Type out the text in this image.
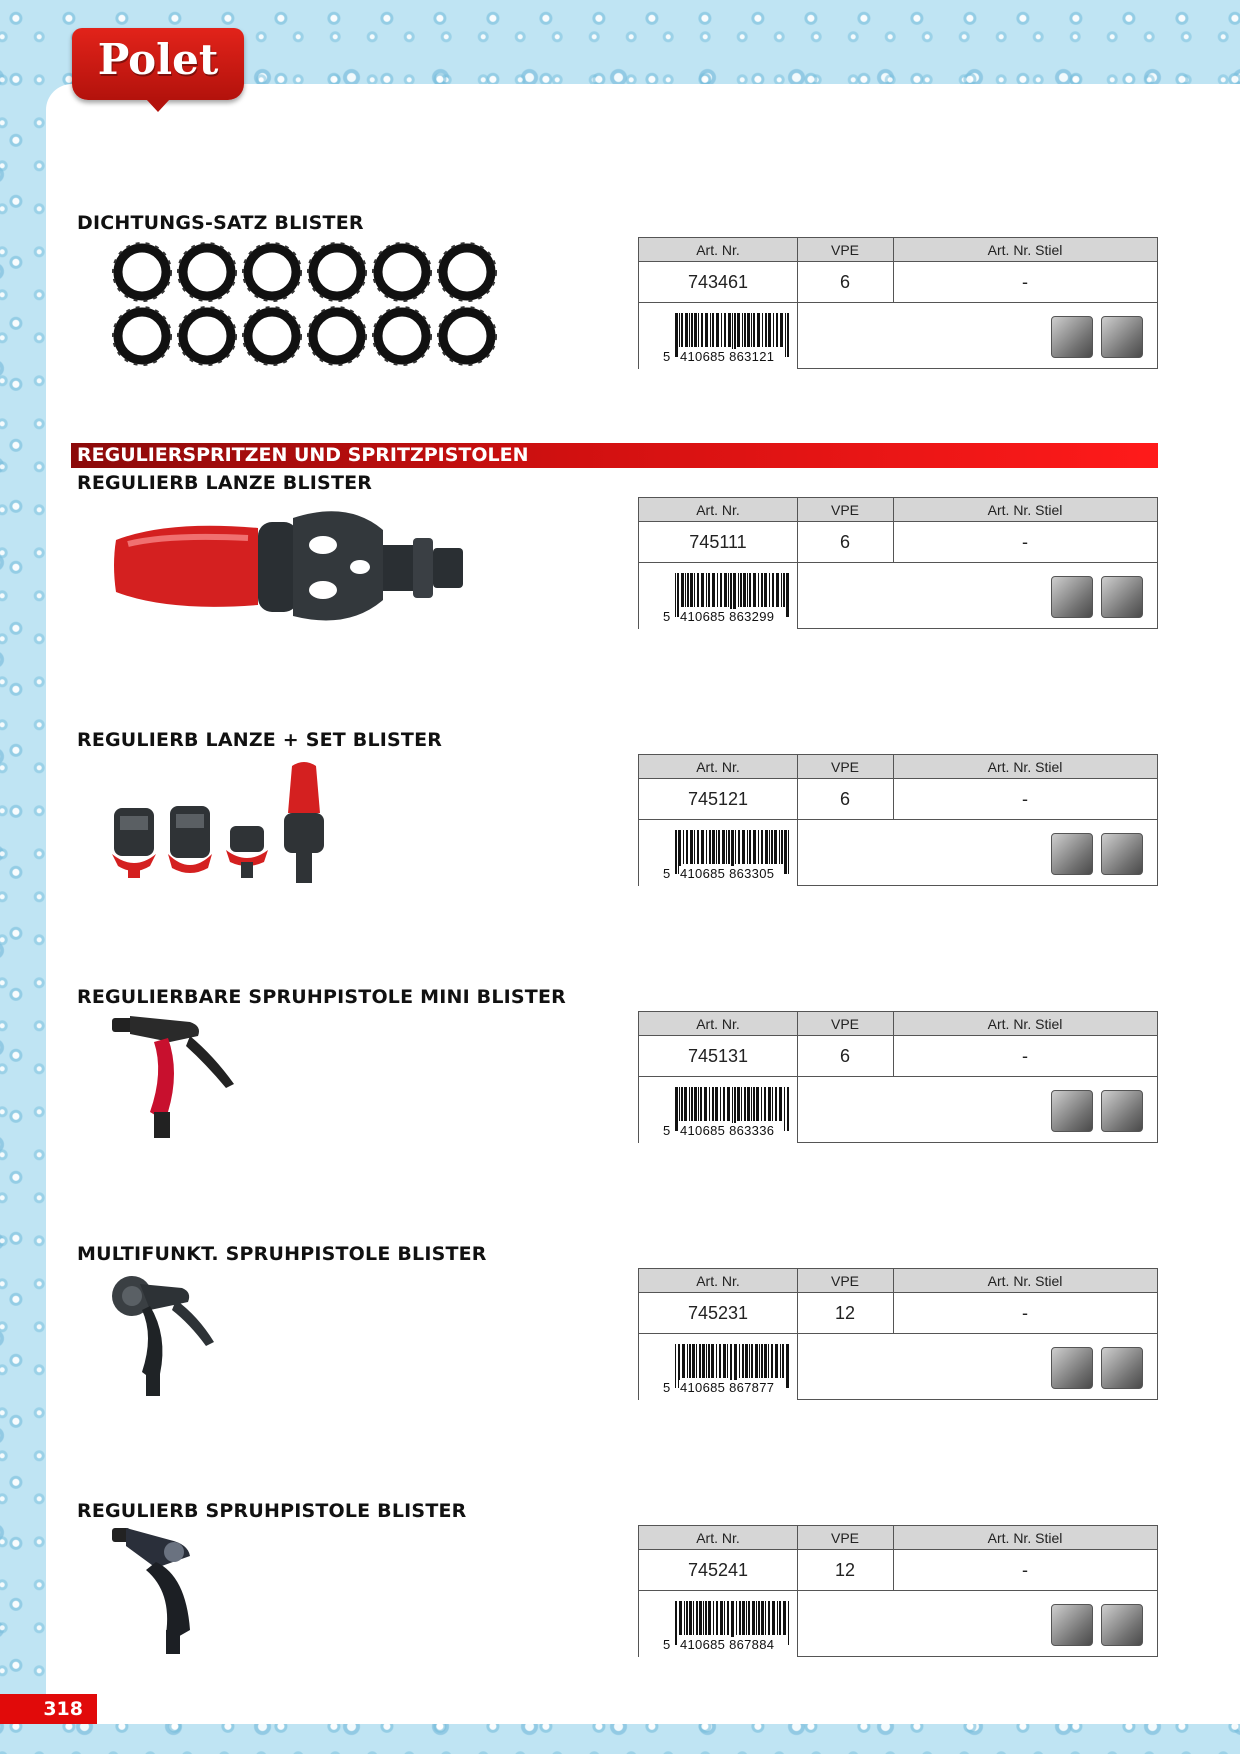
Polet
REGULIERSPRITZEN UND SPRITZPISTOLEN
DICHTUNGS-SATZ BLISTER
Art. Nr.	VPE	Art. Nr. Stiel
743461	6	-
5 410685 863121
REGULIERB LANZE BLISTER
Art. Nr.	VPE	Art. Nr. Stiel
745111	6	-
5 410685 863299
REGULIERB LANZE + SET BLISTER
Art. Nr.	VPE	Art. Nr. Stiel
745121	6	-
5 410685 863305
REGULIERBARE SPRUHPISTOLE MINI BLISTER
Art. Nr.	VPE	Art. Nr. Stiel
745131	6	-
5 410685 863336
MULTIFUNKT. SPRUHPISTOLE BLISTER
Art. Nr.	VPE	Art. Nr. Stiel
745231	12	-
5 410685 867877
REGULIERB SPRUHPISTOLE BLISTER
Art. Nr.	VPE	Art. Nr. Stiel
745241	12	-
5 410685 867884
318
